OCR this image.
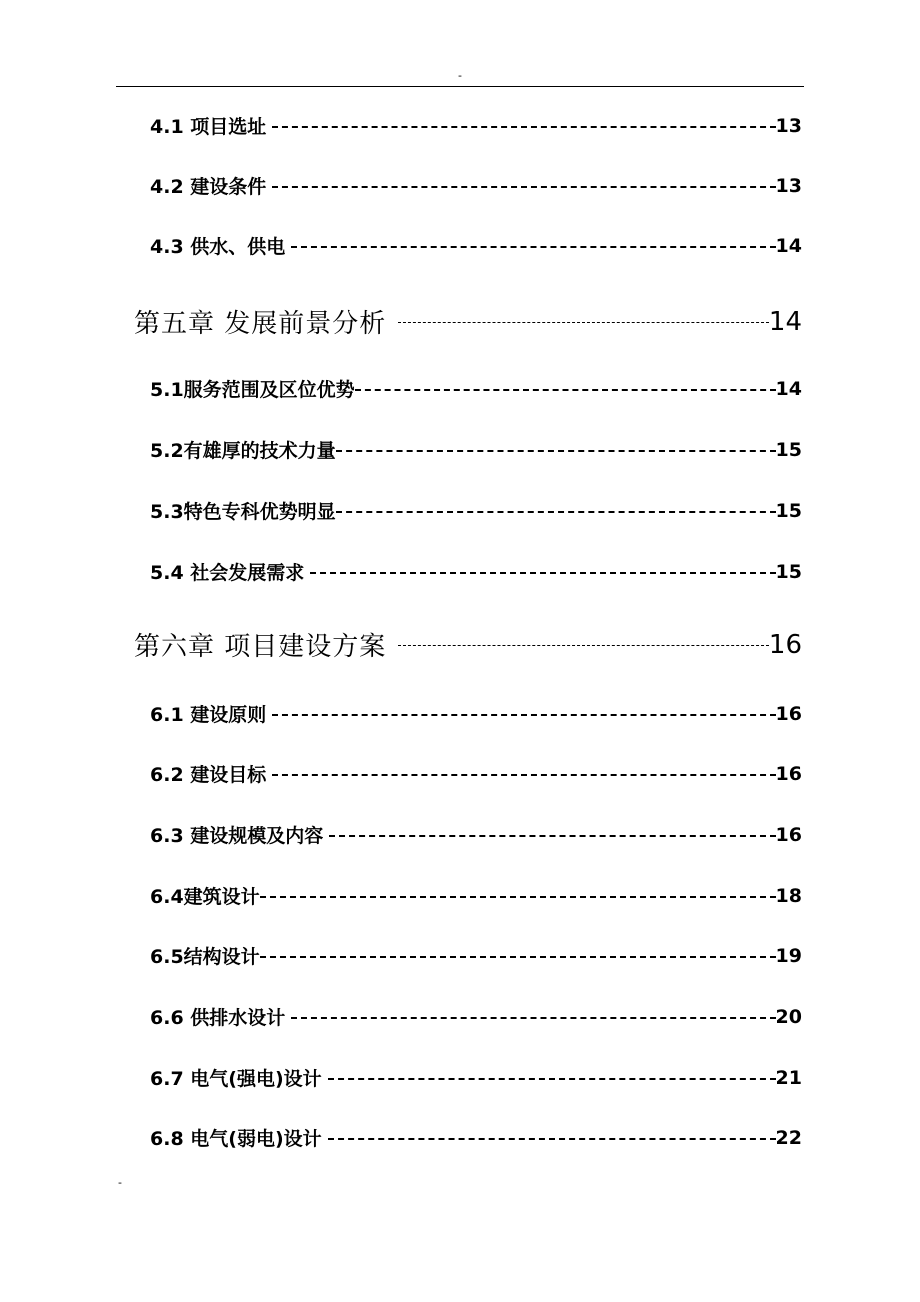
-
4.1 项目选址	13
4.2 建设条件	13
4.3 供水、供电	14
第五章 发展前景分析	14
5.1服务范围及区位优势	14
5.2有雄厚的技术力量	15
5.3特色专科优势明显	15
5.4 社会发展需求	15
第六章 项目建设方案	16
6.1 建设原则	16
6.2 建设目标	16
6.3 建设规模及内容	16
6.4建筑设计	18
6.5结构设计	19
6.6 供排水设计	20
6.7 电气(强电)设计	21
6.8 电气(弱电)设计	22
-
